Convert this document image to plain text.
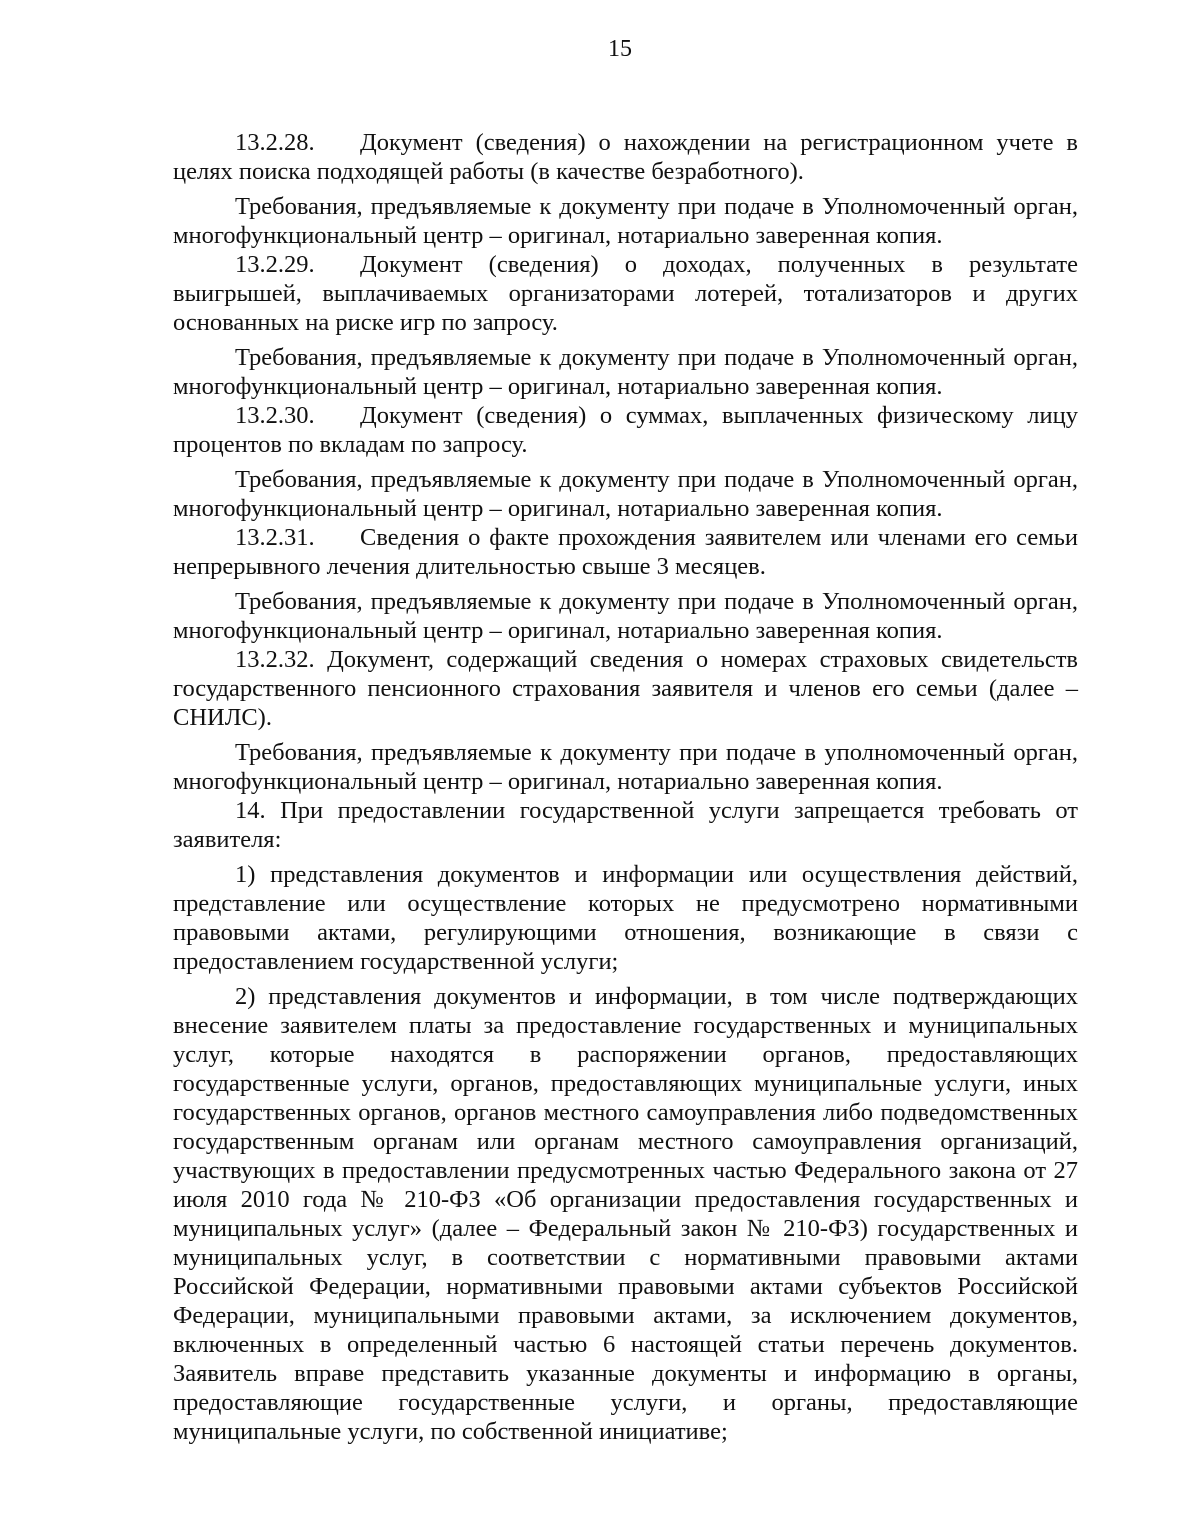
15

13.2.28. Документ (сведения) о нахождении на регистрационном учете в целях поиска подходящей работы (в качестве безработного).

Требования, предъявляемые к документу при подаче в Уполномоченный орган, многофункциональный центр – оригинал, нотариально заверенная копия.

13.2.29. Документ (сведения) о доходах, полученных в результате выигрышей, выплачиваемых организаторами лотерей, тотализаторов и других основанных на риске игр по запросу.

Требования, предъявляемые к документу при подаче в Уполномоченный орган, многофункциональный центр – оригинал, нотариально заверенная копия.

13.2.30. Документ (сведения) о суммах, выплаченных физическому лицу процентов по вкладам по запросу.

Требования, предъявляемые к документу при подаче в Уполномоченный орган, многофункциональный центр – оригинал, нотариально заверенная копия.

13.2.31. Сведения о факте прохождения заявителем или членами его семьи непрерывного лечения длительностью свыше 3 месяцев.

Требования, предъявляемые к документу при подаче в Уполномоченный орган, многофункциональный центр – оригинал, нотариально заверенная копия.

13.2.32. Документ, содержащий сведения о номерах страховых свидетельств государственного пенсионного страхования заявителя и членов его семьи (далее – СНИЛС).

Требования, предъявляемые к документу при подаче в уполномоченный орган, многофункциональный центр – оригинал, нотариально заверенная копия.

14. При предоставлении государственной услуги запрещается требовать от заявителя:

1) представления документов и информации или осуществления действий, представление или осуществление которых не предусмотрено нормативными правовыми актами, регулирующими отношения, возникающие в связи с предоставлением государственной услуги;

2) представления документов и информации, в том числе подтверждающих внесение заявителем платы за предоставление государственных и муниципальных услуг, которые находятся в распоряжении органов, предоставляющих государственные услуги, органов, предоставляющих муниципальные услуги, иных государственных органов, органов местного самоуправления либо подведомственных государственным органам или органам местного самоуправления организаций, участвующих в предоставлении предусмотренных частью Федерального закона от 27 июля 2010 года № 210-ФЗ «Об организации предоставления государственных и муниципальных услуг» (далее – Федеральный закон № 210-ФЗ) государственных и муниципальных услуг, в соответствии с нормативными правовыми актами Российской Федерации, нормативными правовыми актами субъектов Российской Федерации, муниципальными правовыми актами, за исключением документов, включенных в определенный частью 6 настоящей статьи перечень документов. Заявитель вправе представить указанные документы и информацию в органы, предоставляющие государственные услуги, и органы, предоставляющие муниципальные услуги, по собственной инициативе;
